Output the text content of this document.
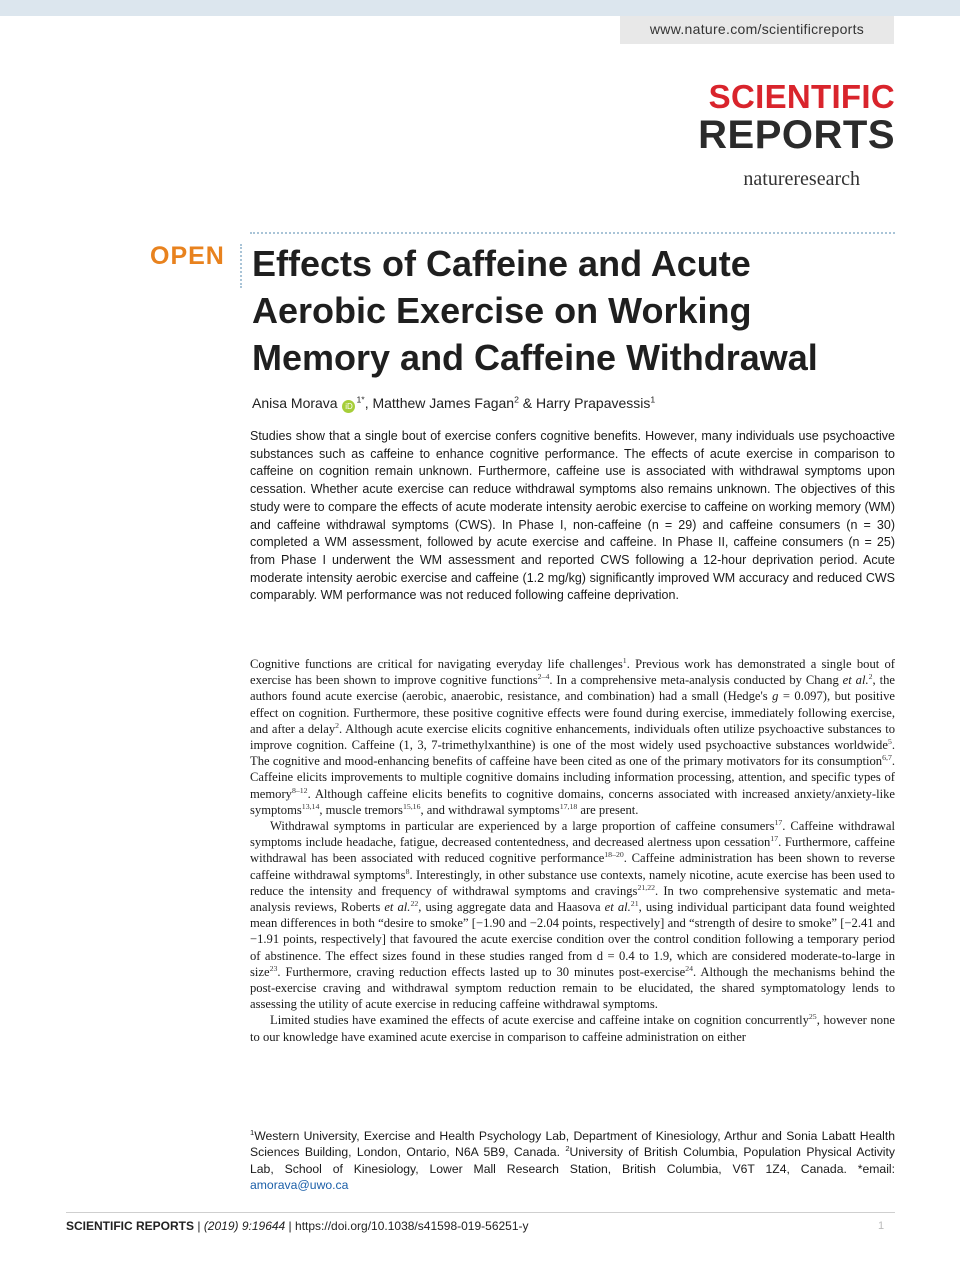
www.nature.com/scientificreports
SCIENTIFIC
REPORTS
natureresearch
OPEN Effects of Caffeine and Acute Aerobic Exercise on Working Memory and Caffeine Withdrawal
Anisa Morava $iD^{1*}$, Matthew James Fagan$^2$ & Harry Prapavessis$^1$

Studies show that a single bout of exercise confers cognitive benefits. However, many individuals use psychoactive substances such as caffeine to enhance cognitive performance. The effects of acute exercise in comparison to caffeine on cognition remain unknown. Furthermore, caffeine use is associated with withdrawal symptoms upon cessation. Whether acute exercise can reduce withdrawal symptoms also remains unknown. The objectives of this study were to compare the effects of acute moderate intensity aerobic exercise to caffeine on working memory (WM) and caffeine withdrawal symptoms (CWS). In Phase I, non-caffeine (n = 29) and caffeine consumers (n = 30) completed a WM assessment, followed by acute exercise and caffeine. In Phase II, caffeine consumers (n = 25) from Phase I underwent the WM assessment and reported CWS following a 12-hour deprivation period. Acute moderate intensity aerobic exercise and caffeine (1.2 mg/kg) significantly improved WM accuracy and reduced CWS comparably. WM performance was not reduced following caffeine deprivation.

Cognitive functions are critical for navigating everyday life challenges$^1$. Previous work has demonstrated a single bout of exercise has been shown to improve cognitive functions$^{2-4}$. In a comprehensive meta-analysis conducted by Chang et al.$^2$, the authors found acute exercise (aerobic, anaerobic, resistance, and combination) had a small (Hedge's g = 0.097), but positive effect on cognition. Furthermore, these positive cognitive effects were found during exercise, immediately following exercise, and after a delay$^2$. Although acute exercise elicits cognitive enhancements, individuals often utilize psychoactive substances to improve cognition. Caffeine (1, 3, 7-trimethylxanthine) is one of the most widely used psychoactive substances worldwide$^5$. The cognitive and mood-enhancing benefits of caffeine have been cited as one of the primary motivators for its consumption$^{6,7}$. Caffeine elicits improvements to multiple cognitive domains including information processing, attention, and specific types of memory$^{8-12}$. Although caffeine elicits benefits to cognitive domains, concerns associated with increased anxiety/anxiety-like symptoms$^{13,14}$, muscle tremors$^{15,16}$, and withdrawal symptoms$^{17,18}$ are present.

Withdrawal symptoms in particular are experienced by a large proportion of caffeine consumers$^{17}$. Caffeine withdrawal symptoms include headache, fatigue, decreased contentedness, and decreased alertness upon cessation$^{17}$. Furthermore, caffeine withdrawal has been associated with reduced cognitive performance$^{18-20}$. Caffeine administration has been shown to reverse caffeine withdrawal symptoms$^8$. Interestingly, in other substance use contexts, namely nicotine, acute exercise has been used to reduce the intensity and frequency of withdrawal symptoms and cravings$^{21,22}$. In two comprehensive systematic and meta-analysis reviews, Roberts et al.$^{22}$, using aggregate data and Haasova et al.$^{21}$, using individual participant data found weighted mean differences in both “desire to smoke” [−1.90 and −2.04 points, respectively] and “strength of desire to smoke” [−2.41 and −1.91 points, respectively] that favoured the acute exercise condition over the control condition following a temporary period of abstinence. The effect sizes found in these studies ranged from d = 0.4 to 1.9, which are considered moderate-to-large in size$^{23}$. Furthermore, craving reduction effects lasted up to 30 minutes post-exercise$^{24}$. Although the mechanisms behind the post-exercise craving and withdrawal symptom reduction remain to be elucidated, the shared symptomatology lends to assessing the utility of acute exercise in reducing caffeine withdrawal symptoms.

Limited studies have examined the effects of acute exercise and caffeine intake on cognition concurrently$^{25}$, however none to our knowledge have examined acute exercise in comparison to caffeine administration on either

$^1$Western University, Exercise and Health Psychology Lab, Department of Kinesiology, Arthur and Sonia Labatt Health Sciences Building, London, Ontario, N6A 5B9, Canada. $^2$University of British Columbia, Population Physical Activity Lab, School of Kinesiology, Lower Mall Research Station, British Columbia, V6T 1Z4, Canada. *email: amorava@uwo.ca

SCIENTIFIC REPORTS | (2019) 9:19644 | https://doi.org/10.1038/s41598-019-56251-y	1
